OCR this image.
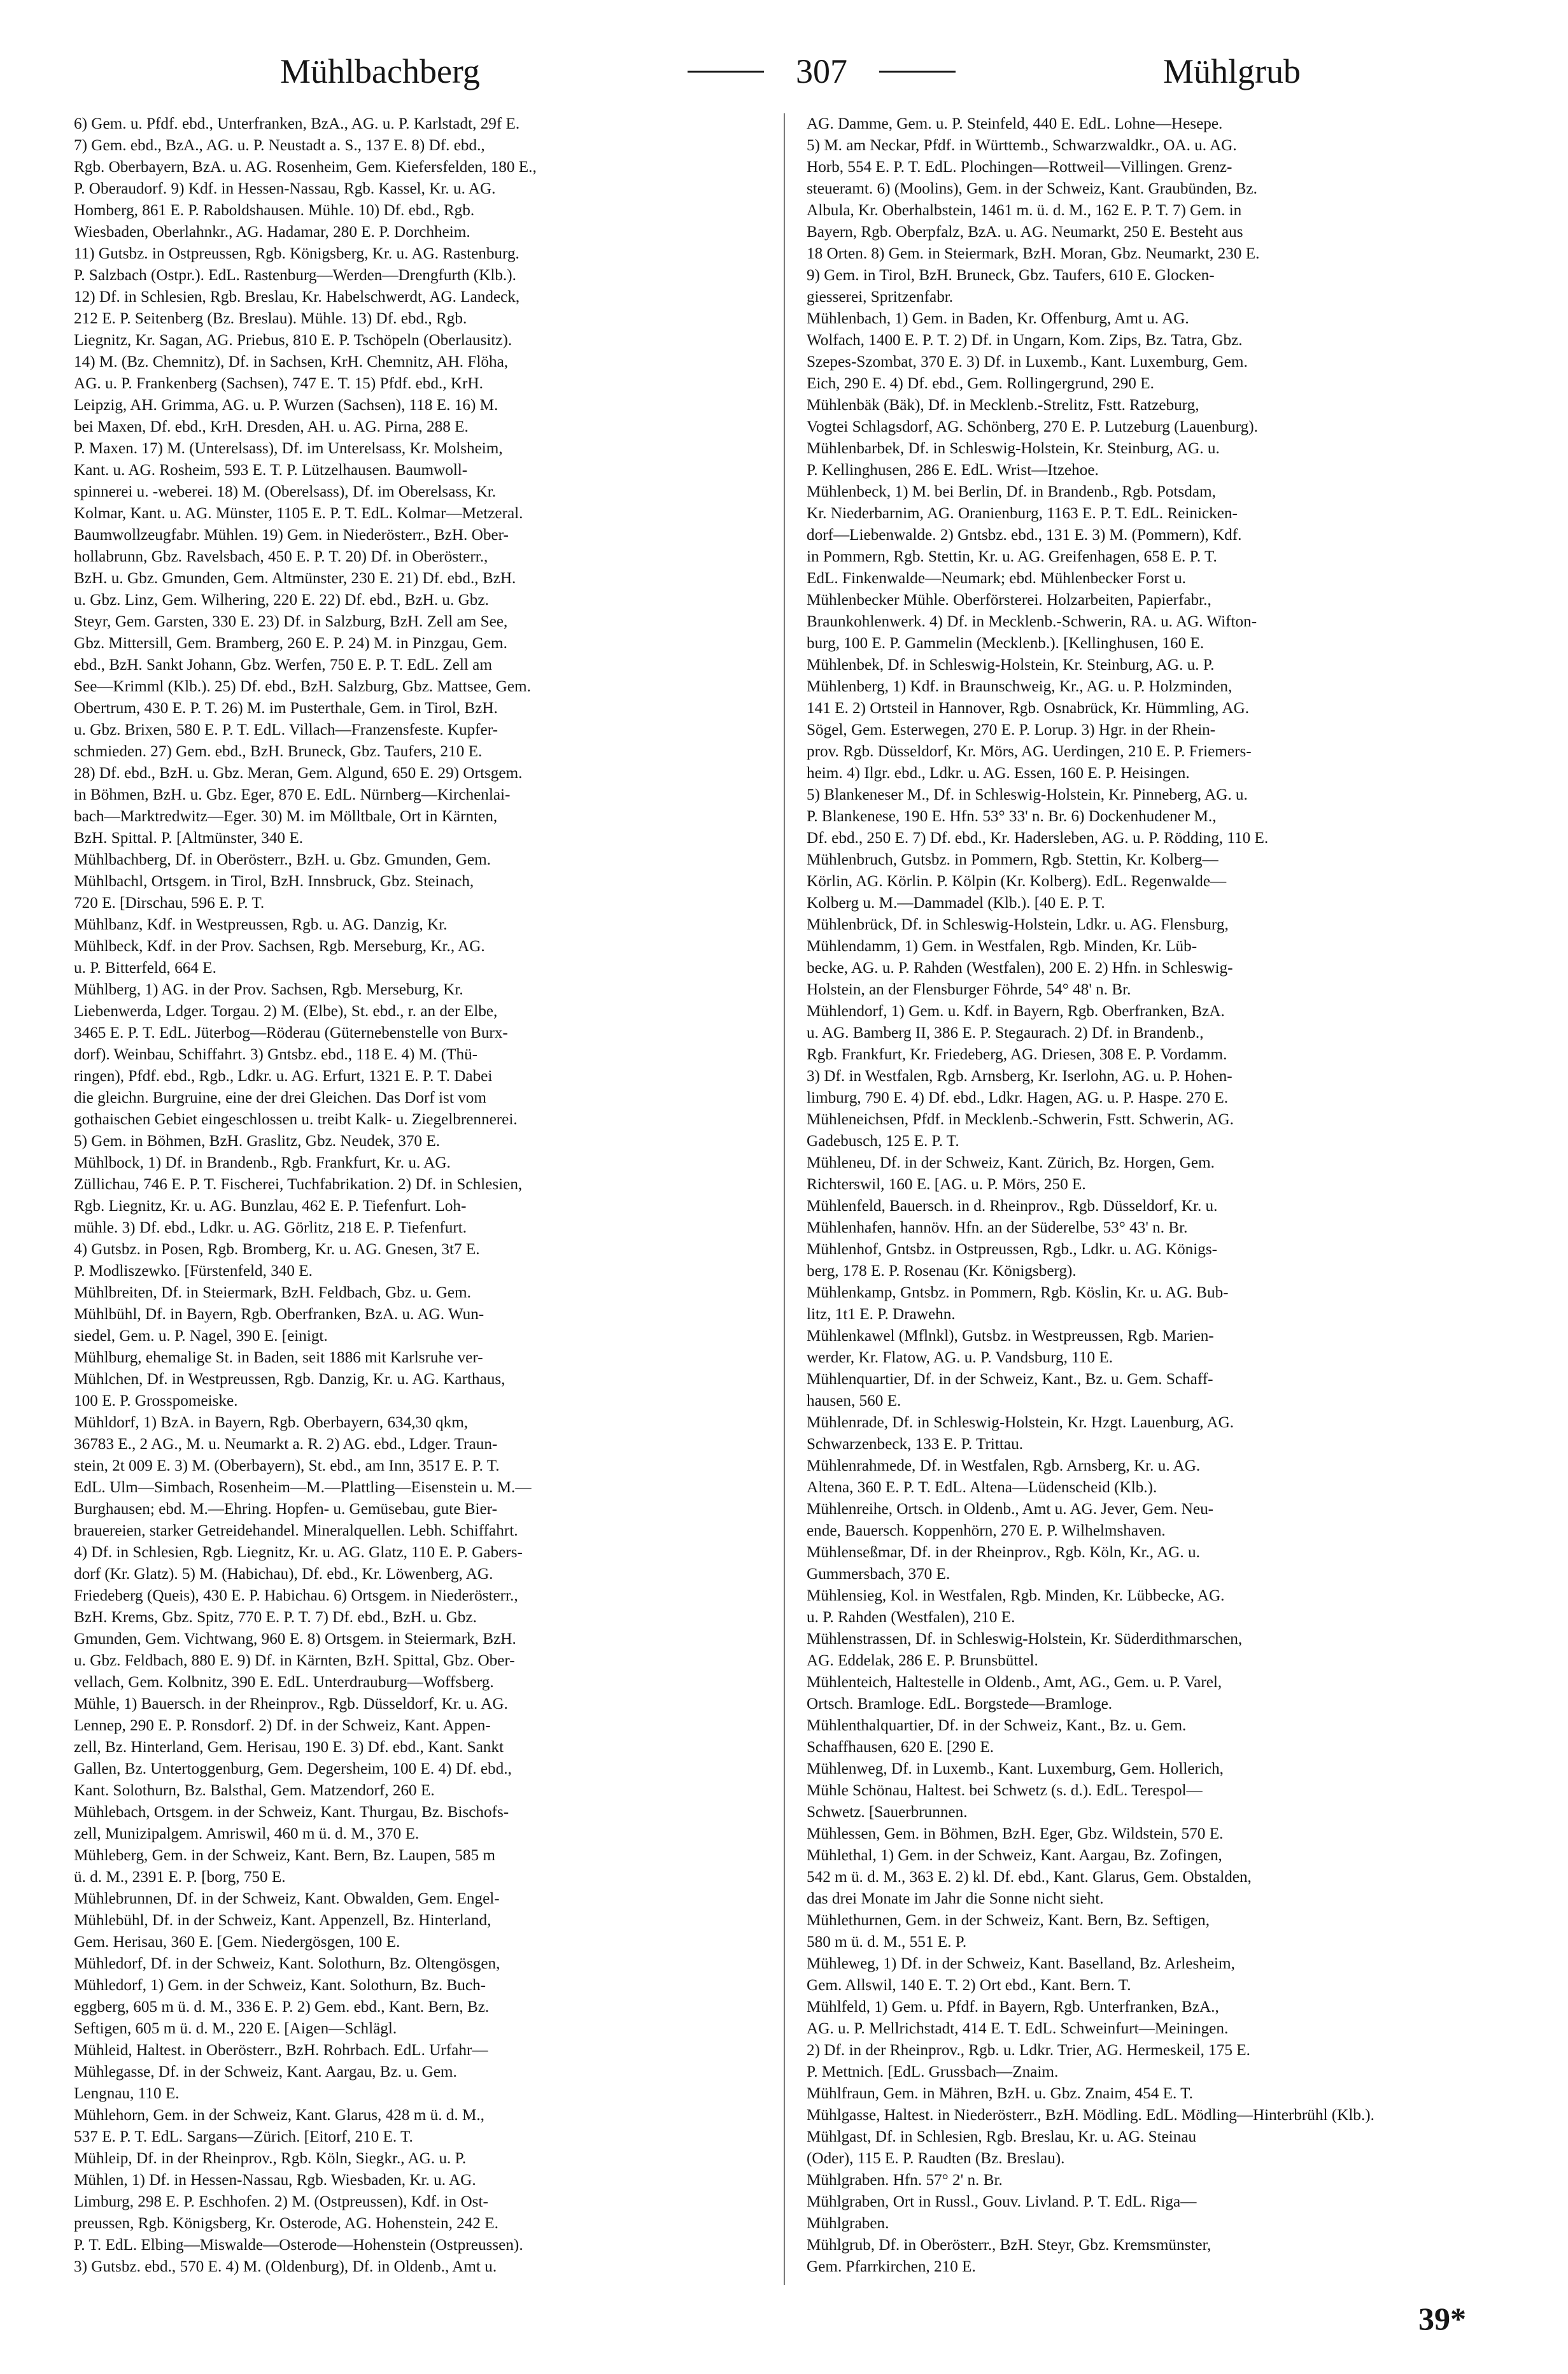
Mühlbachberg	307	Mühlgrub

6) Gem. u. Pfdf. ebd., Unterfranken, BzA., AG. u. P. Karlstadt, 29f E.

7) Gem. ebd., BzA., AG. u. P. Neustadt a. S., 137 E. 8) Df. ebd.,

Rgb. Oberbayern, BzA. u. AG. Rosenheim, Gem. Kiefersfelden, 180 E.,

P. Oberaudorf. 9) Kdf. in Hessen-Nassau, Rgb. Kassel, Kr. u. AG.

Homberg, 861 E. P. Raboldshausen. Mühle. 10) Df. ebd., Rgb.

Wiesbaden, Oberlahnkr., AG. Hadamar, 280 E. P. Dorchheim.

11) Gutsbz. in Ostpreussen, Rgb. Königsberg, Kr. u. AG. Rastenburg.

P. Salzbach (Ostpr.). EdL. Rastenburg—Werden—Drengfurth (Klb.).

12) Df. in Schlesien, Rgb. Breslau, Kr. Habelschwerdt, AG. Landeck,

212 E. P. Seitenberg (Bz. Breslau). Mühle. 13) Df. ebd., Rgb.

Liegnitz, Kr. Sagan, AG. Priebus, 810 E. P. Tschöpeln (Oberlausitz).

14) M. (Bz. Chemnitz), Df. in Sachsen, KrH. Chemnitz, AH. Flöha,

AG. u. P. Frankenberg (Sachsen), 747 E. T. 15) Pfdf. ebd., KrH.

Leipzig, AH. Grimma, AG. u. P. Wurzen (Sachsen), 118 E. 16) M.

bei Maxen, Df. ebd., KrH. Dresden, AH. u. AG. Pirna, 288 E.

P. Maxen. 17) M. (Unterelsass), Df. im Unterelsass, Kr. Molsheim,

Kant. u. AG. Rosheim, 593 E. T. P. Lützelhausen. Baumwoll-

spinnerei u. -weberei. 18) M. (Oberelsass), Df. im Oberelsass, Kr.

Kolmar, Kant. u. AG. Münster, 1105 E. P. T. EdL. Kolmar—Metzeral.

Baumwollzeugfabr. Mühlen. 19) Gem. in Niederösterr., BzH. Ober-

hollabrunn, Gbz. Ravelsbach, 450 E. P. T. 20) Df. in Oberösterr.,

BzH. u. Gbz. Gmunden, Gem. Altmünster, 230 E. 21) Df. ebd., BzH.

u. Gbz. Linz, Gem. Wilhering, 220 E. 22) Df. ebd., BzH. u. Gbz.

Steyr, Gem. Garsten, 330 E. 23) Df. in Salzburg, BzH. Zell am See,

Gbz. Mittersill, Gem. Bramberg, 260 E. P. 24) M. in Pinzgau, Gem.

ebd., BzH. Sankt Johann, Gbz. Werfen, 750 E. P. T. EdL. Zell am

See—Krimml (Klb.). 25) Df. ebd., BzH. Salzburg, Gbz. Mattsee, Gem.

Obertrum, 430 E. P. T. 26) M. im Pusterthale, Gem. in Tirol, BzH.

u. Gbz. Brixen, 580 E. P. T. EdL. Villach—Franzensfeste. Kupfer-

schmieden. 27) Gem. ebd., BzH. Bruneck, Gbz. Taufers, 210 E.

28) Df. ebd., BzH. u. Gbz. Meran, Gem. Algund, 650 E. 29) Ortsgem.

in Böhmen, BzH. u. Gbz. Eger, 870 E. EdL. Nürnberg—Kirchenlai-

bach—Marktredwitz—Eger. 30) M. im Mölltbale, Ort in Kärnten,

BzH. Spittal. P. [Altmünster, 340 E.

Mühlbachberg, Df. in Oberösterr., BzH. u. Gbz. Gmunden, Gem.

Mühlbachl, Ortsgem. in Tirol, BzH. Innsbruck, Gbz. Steinach,

720 E. [Dirschau, 596 E. P. T.

Mühlbanz, Kdf. in Westpreussen, Rgb. u. AG. Danzig, Kr.

Mühlbeck, Kdf. in der Prov. Sachsen, Rgb. Merseburg, Kr., AG.

u. P. Bitterfeld, 664 E.

Mühlberg, 1) AG. in der Prov. Sachsen, Rgb. Merseburg, Kr.

Liebenwerda, Ldger. Torgau. 2) M. (Elbe), St. ebd., r. an der Elbe,

3465 E. P. T. EdL. Jüterbog—Röderau (Güternebenstelle von Burx-

dorf). Weinbau, Schiffahrt. 3) Gntsbz. ebd., 118 E. 4) M. (Thü-

ringen), Pfdf. ebd., Rgb., Ldkr. u. AG. Erfurt, 1321 E. P. T. Dabei

die gleichn. Burgruine, eine der drei Gleichen. Das Dorf ist vom

gothaischen Gebiet eingeschlossen u. treibt Kalk- u. Ziegelbrennerei.

5) Gem. in Böhmen, BzH. Graslitz, Gbz. Neudek, 370 E.

Mühlbock, 1) Df. in Brandenb., Rgb. Frankfurt, Kr. u. AG.

Züllichau, 746 E. P. T. Fischerei, Tuchfabrikation. 2) Df. in Schlesien,

Rgb. Liegnitz, Kr. u. AG. Bunzlau, 462 E. P. Tiefenfurt. Loh-

mühle. 3) Df. ebd., Ldkr. u. AG. Görlitz, 218 E. P. Tiefenfurt.

4) Gutsbz. in Posen, Rgb. Bromberg, Kr. u. AG. Gnesen, 3t7 E.

P. Modliszewko. [Fürstenfeld, 340 E.

Mühlbreiten, Df. in Steiermark, BzH. Feldbach, Gbz. u. Gem.

Mühlbühl, Df. in Bayern, Rgb. Oberfranken, BzA. u. AG. Wun-

siedel, Gem. u. P. Nagel, 390 E. [einigt.

Mühlburg, ehemalige St. in Baden, seit 1886 mit Karlsruhe ver-

Mühlchen, Df. in Westpreussen, Rgb. Danzig, Kr. u. AG. Karthaus,

100 E. P. Grosspomeiske.

Mühldorf, 1) BzA. in Bayern, Rgb. Oberbayern, 634,30 qkm,

36783 E., 2 AG., M. u. Neumarkt a. R. 2) AG. ebd., Ldger. Traun-

stein, 2t 009 E. 3) M. (Oberbayern), St. ebd., am Inn, 3517 E. P. T.

EdL. Ulm—Simbach, Rosenheim—M.—Plattling—Eisenstein u. M.—

Burghausen; ebd. M.—Ehring. Hopfen- u. Gemüsebau, gute Bier-

brauereien, starker Getreidehandel. Mineralquellen. Lebh. Schiffahrt.

4) Df. in Schlesien, Rgb. Liegnitz, Kr. u. AG. Glatz, 110 E. P. Gabers-

dorf (Kr. Glatz). 5) M. (Habichau), Df. ebd., Kr. Löwenberg, AG.

Friedeberg (Queis), 430 E. P. Habichau. 6) Ortsgem. in Niederösterr.,

BzH. Krems, Gbz. Spitz, 770 E. P. T. 7) Df. ebd., BzH. u. Gbz.

Gmunden, Gem. Vichtwang, 960 E. 8) Ortsgem. in Steiermark, BzH.

u. Gbz. Feldbach, 880 E. 9) Df. in Kärnten, BzH. Spittal, Gbz. Ober-

vellach, Gem. Kolbnitz, 390 E. EdL. Unterdrauburg—Woffsberg.

Mühle, 1) Bauersch. in der Rheinprov., Rgb. Düsseldorf, Kr. u. AG.

Lennep, 290 E. P. Ronsdorf. 2) Df. in der Schweiz, Kant. Appen-

zell, Bz. Hinterland, Gem. Herisau, 190 E. 3) Df. ebd., Kant. Sankt

Gallen, Bz. Untertoggenburg, Gem. Degersheim, 100 E. 4) Df. ebd.,

Kant. Solothurn, Bz. Balsthal, Gem. Matzendorf, 260 E.

Mühlebach, Ortsgem. in der Schweiz, Kant. Thurgau, Bz. Bischofs-

zell, Munizipalgem. Amriswil, 460 m ü. d. M., 370 E.

Mühleberg, Gem. in der Schweiz, Kant. Bern, Bz. Laupen, 585 m

ü. d. M., 2391 E. P. [borg, 750 E.

Mühlebrunnen, Df. in der Schweiz, Kant. Obwalden, Gem. Engel-

Mühlebühl, Df. in der Schweiz, Kant. Appenzell, Bz. Hinterland,

Gem. Herisau, 360 E. [Gem. Niedergösgen, 100 E.

Mühledorf, Df. in der Schweiz, Kant. Solothurn, Bz. Oltengösgen,

Mühledorf, 1) Gem. in der Schweiz, Kant. Solothurn, Bz. Buch-

eggberg, 605 m ü. d. M., 336 E. P. 2) Gem. ebd., Kant. Bern, Bz.

Seftigen, 605 m ü. d. M., 220 E. [Aigen—Schlägl.

Mühleid, Haltest. in Oberösterr., BzH. Rohrbach. EdL. Urfahr—

Mühlegasse, Df. in der Schweiz, Kant. Aargau, Bz. u. Gem.

Lengnau, 110 E.

Mühlehorn, Gem. in der Schweiz, Kant. Glarus, 428 m ü. d. M.,

537 E. P. T. EdL. Sargans—Zürich. [Eitorf, 210 E. T.

Mühleip, Df. in der Rheinprov., Rgb. Köln, Siegkr., AG. u. P.

Mühlen, 1) Df. in Hessen-Nassau, Rgb. Wiesbaden, Kr. u. AG.

Limburg, 298 E. P. Eschhofen. 2) M. (Ostpreussen), Kdf. in Ost-

preussen, Rgb. Königsberg, Kr. Osterode, AG. Hohenstein, 242 E.

P. T. EdL. Elbing—Miswalde—Osterode—Hohenstein (Ostpreussen).

3) Gutsbz. ebd., 570 E. 4) M. (Oldenburg), Df. in Oldenb., Amt u.

AG. Damme, Gem. u. P. Steinfeld, 440 E. EdL. Lohne—Hesepe.

5) M. am Neckar, Pfdf. in Württemb., Schwarzwaldkr., OA. u. AG.

Horb, 554 E. P. T. EdL. Plochingen—Rottweil—Villingen. Grenz-

steueramt. 6) (Moolins), Gem. in der Schweiz, Kant. Graubünden, Bz.

Albula, Kr. Oberhalbstein, 1461 m. ü. d. M., 162 E. P. T. 7) Gem. in

Bayern, Rgb. Oberpfalz, BzA. u. AG. Neumarkt, 250 E. Besteht aus

18 Orten. 8) Gem. in Steiermark, BzH. Moran, Gbz. Neumarkt, 230 E.

9) Gem. in Tirol, BzH. Bruneck, Gbz. Taufers, 610 E. Glocken-

giesserei, Spritzenfabr.

Mühlenbach, 1) Gem. in Baden, Kr. Offenburg, Amt u. AG.

Wolfach, 1400 E. P. T. 2) Df. in Ungarn, Kom. Zips, Bz. Tatra, Gbz.

Szepes-Szombat, 370 E. 3) Df. in Luxemb., Kant. Luxemburg, Gem.

Eich, 290 E. 4) Df. ebd., Gem. Rollingergrund, 290 E.

Mühlenbäk (Bäk), Df. in Mecklenb.-Strelitz, Fstt. Ratzeburg,

Vogtei Schlagsdorf, AG. Schönberg, 270 E. P. Lutzeburg (Lauenburg).

Mühlenbarbek, Df. in Schleswig-Holstein, Kr. Steinburg, AG. u.

P. Kellinghusen, 286 E. EdL. Wrist—Itzehoe.

Mühlenbeck, 1) M. bei Berlin, Df. in Brandenb., Rgb. Potsdam,

Kr. Niederbarnim, AG. Oranienburg, 1163 E. P. T. EdL. Reinicken-

dorf—Liebenwalde. 2) Gntsbz. ebd., 131 E. 3) M. (Pommern), Kdf.

in Pommern, Rgb. Stettin, Kr. u. AG. Greifenhagen, 658 E. P. T.

EdL. Finkenwalde—Neumark; ebd. Mühlenbecker Forst u.

Mühlenbecker Mühle. Oberförsterei. Holzarbeiten, Papierfabr.,

Braunkohlenwerk. 4) Df. in Mecklenb.-Schwerin, RA. u. AG. Wifton-

burg, 100 E. P. Gammelin (Mecklenb.). [Kellinghusen, 160 E.

Mühlenbek, Df. in Schleswig-Holstein, Kr. Steinburg, AG. u. P.

Mühlenberg, 1) Kdf. in Braunschweig, Kr., AG. u. P. Holzminden,

141 E. 2) Ortsteil in Hannover, Rgb. Osnabrück, Kr. Hümmling, AG.

Sögel, Gem. Esterwegen, 270 E. P. Lorup. 3) Hgr. in der Rhein-

prov. Rgb. Düsseldorf, Kr. Mörs, AG. Uerdingen, 210 E. P. Friemers-

heim. 4) Ilgr. ebd., Ldkr. u. AG. Essen, 160 E. P. Heisingen.

5) Blankeneser M., Df. in Schleswig-Holstein, Kr. Pinneberg, AG. u.

P. Blankenese, 190 E. Hfn. 53° 33' n. Br. 6) Dockenhudener M.,

Df. ebd., 250 E. 7) Df. ebd., Kr. Hadersleben, AG. u. P. Rödding, 110 E.

Mühlenbruch, Gutsbz. in Pommern, Rgb. Stettin, Kr. Kolberg—

Körlin, AG. Körlin. P. Kölpin (Kr. Kolberg). EdL. Regenwalde—

Kolberg u. M.—Dammadel (Klb.). [40 E. P. T.

Mühlenbrück, Df. in Schleswig-Holstein, Ldkr. u. AG. Flensburg,

Mühlendamm, 1) Gem. in Westfalen, Rgb. Minden, Kr. Lüb-

becke, AG. u. P. Rahden (Westfalen), 200 E. 2) Hfn. in Schleswig-

Holstein, an der Flensburger Föhrde, 54° 48' n. Br.

Mühlendorf, 1) Gem. u. Kdf. in Bayern, Rgb. Oberfranken, BzA.

u. AG. Bamberg II, 386 E. P. Stegaurach. 2) Df. in Brandenb.,

Rgb. Frankfurt, Kr. Friedeberg, AG. Driesen, 308 E. P. Vordamm.

3) Df. in Westfalen, Rgb. Arnsberg, Kr. Iserlohn, AG. u. P. Hohen-

limburg, 790 E. 4) Df. ebd., Ldkr. Hagen, AG. u. P. Haspe. 270 E.

Mühleneichsen, Pfdf. in Mecklenb.-Schwerin, Fstt. Schwerin, AG.

Gadebusch, 125 E. P. T.

Mühleneu, Df. in der Schweiz, Kant. Zürich, Bz. Horgen, Gem.

Richterswil, 160 E. [AG. u. P. Mörs, 250 E.

Mühlenfeld, Bauersch. in d. Rheinprov., Rgb. Düsseldorf, Kr. u.

Mühlenhafen, hannöv. Hfn. an der Süderelbe, 53° 43' n. Br.

Mühlenhof, Gntsbz. in Ostpreussen, Rgb., Ldkr. u. AG. Königs-

berg, 178 E. P. Rosenau (Kr. Königsberg).

Mühlenkamp, Gntsbz. in Pommern, Rgb. Köslin, Kr. u. AG. Bub-

litz, 1t1 E. P. Drawehn.

Mühlenkawel (Mflnkl), Gutsbz. in Westpreussen, Rgb. Marien-

werder, Kr. Flatow, AG. u. P. Vandsburg, 110 E.

Mühlenquartier, Df. in der Schweiz, Kant., Bz. u. Gem. Schaff-

hausen, 560 E.

Mühlenrade, Df. in Schleswig-Holstein, Kr. Hzgt. Lauenburg, AG.

Schwarzenbeck, 133 E. P. Trittau.

Mühlenrahmede, Df. in Westfalen, Rgb. Arnsberg, Kr. u. AG.

Altena, 360 E. P. T. EdL. Altena—Lüdenscheid (Klb.).

Mühlenreihe, Ortsch. in Oldenb., Amt u. AG. Jever, Gem. Neu-

ende, Bauersch. Koppenhörn, 270 E. P. Wilhelmshaven.

Mühlenseßmar, Df. in der Rheinprov., Rgb. Köln, Kr., AG. u.

Gummersbach, 370 E.

Mühlensieg, Kol. in Westfalen, Rgb. Minden, Kr. Lübbecke, AG.

u. P. Rahden (Westfalen), 210 E.

Mühlenstrassen, Df. in Schleswig-Holstein, Kr. Süderdithmarschen,

AG. Eddelak, 286 E. P. Brunsbüttel.

Mühlenteich, Haltestelle in Oldenb., Amt, AG., Gem. u. P. Varel,

Ortsch. Bramloge. EdL. Borgstede—Bramloge.

Mühlenthalquartier, Df. in der Schweiz, Kant., Bz. u. Gem.

Schaffhausen, 620 E. [290 E.

Mühlenweg, Df. in Luxemb., Kant. Luxemburg, Gem. Hollerich,

Mühle Schönau, Haltest. bei Schwetz (s. d.). EdL. Terespol—

Schwetz. [Sauerbrunnen.

Mühlessen, Gem. in Böhmen, BzH. Eger, Gbz. Wildstein, 570 E.

Mühlethal, 1) Gem. in der Schweiz, Kant. Aargau, Bz. Zofingen,

542 m ü. d. M., 363 E. 2) kl. Df. ebd., Kant. Glarus, Gem. Obstalden,

das drei Monate im Jahr die Sonne nicht sieht.

Mühlethurnen, Gem. in der Schweiz, Kant. Bern, Bz. Seftigen,

580 m ü. d. M., 551 E. P.

Mühleweg, 1) Df. in der Schweiz, Kant. Baselland, Bz. Arlesheim,

Gem. Allswil, 140 E. T. 2) Ort ebd., Kant. Bern. T.

Mühlfeld, 1) Gem. u. Pfdf. in Bayern, Rgb. Unterfranken, BzA.,

AG. u. P. Mellrichstadt, 414 E. T. EdL. Schweinfurt—Meiningen.

2) Df. in der Rheinprov., Rgb. u. Ldkr. Trier, AG. Hermeskeil, 175 E.

P. Mettnich. [EdL. Grussbach—Znaim.

Mühlfraun, Gem. in Mähren, BzH. u. Gbz. Znaim, 454 E. T.

Mühlgasse, Haltest. in Niederösterr., BzH. Mödling. EdL. Mödling—Hinterbrühl (Klb.).

Mühlgast, Df. in Schlesien, Rgb. Breslau, Kr. u. AG. Steinau

(Oder), 115 E. P. Raudten (Bz. Breslau).

Mühlgraben. Hfn. 57° 2' n. Br.

Mühlgraben, Ort in Russl., Gouv. Livland. P. T. EdL. Riga—

Mühlgraben.

Mühlgrub, Df. in Oberösterr., BzH. Steyr, Gbz. Kremsmünster,

Gem. Pfarrkirchen, 210 E.

39*
